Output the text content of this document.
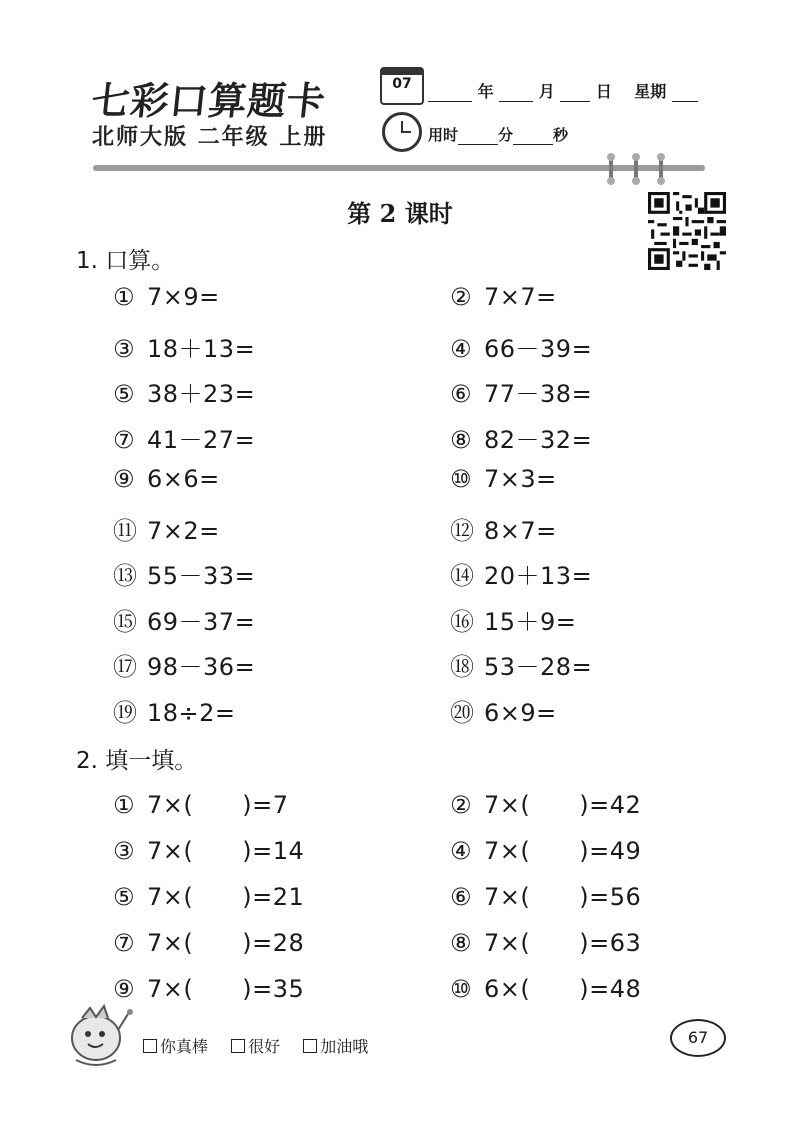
七彩口算题卡
北师大版 二年级 上册
07	年	月	日 星期
用时	分	秒
第 2 课时
1. 口算。
① 7×9=	② 7×7=
③ 18＋13=	④ 66－39=
⑤ 38＋23=	⑥ 77－38=
⑦ 41－27=	⑧ 82－32=
⑨ 6×6=	⑩ 7×3=
⑪ 7×2=	⑫ 8×7=
⑬ 55－33=	⑭ 20＋13=
⑮ 69－37=	⑯ 15＋9=
⑰ 98－36=	⑱ 53－28=
⑲ 18÷2=	⑳ 6×9=
2. 填一填。
① 7×(　　)=7	② 7×(　　)=42
③ 7×(　　)=14	④ 7×(　　)=49
⑤ 7×(　　)=21	⑥ 7×(　　)=56
⑦ 7×(　　)=28	⑧ 7×(　　)=63
⑨ 7×(　　)=35	⑩ 6×(　　)=48
你真棒	很好	加油哦	67
